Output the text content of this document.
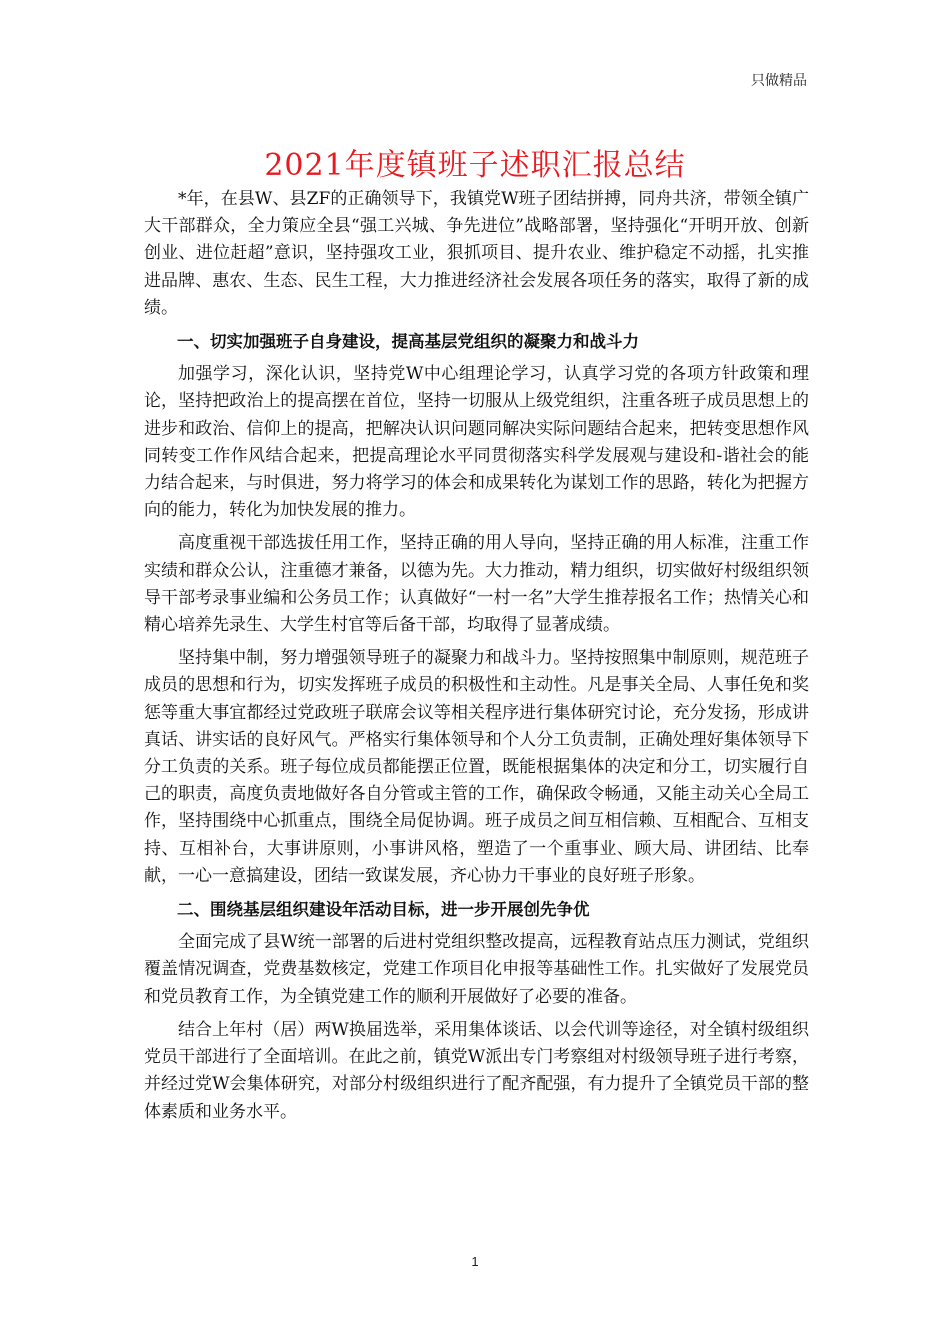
只做精品
2021年度镇班子述职汇报总结

*年，在县W、县ZF的正确领导下，我镇党W班子团结拼搏，同舟共济，带领全镇广大干部群众，全力策应全县“强工兴城、争先进位”战略部署，坚持强化“开明开放、创新创业、进位赶超”意识，坚持强攻工业，狠抓项目、提升农业、维护稳定不动摇，扎实推进品牌、惠农、生态、民生工程，大力推进经济社会发展各项任务的落实，取得了新的成绩。

一、切实加强班子自身建设，提高基层党组织的凝聚力和战斗力

加强学习，深化认识，坚持党W中心组理论学习，认真学习党的各项方针政策和理论，坚持把政治上的提高摆在首位，坚持一切服从上级党组织，注重各班子成员思想上的进步和政治、信仰上的提高，把解决认识问题同解决实际问题结合起来，把转变思想作风同转变工作作风结合起来，把提高理论水平同贯彻落实科学发展观与建设和-谐社会的能力结合起来，与时俱进，努力将学习的体会和成果转化为谋划工作的思路，转化为把握方向的能力，转化为加快发展的推力。

高度重视干部选拔任用工作，坚持正确的用人导向，坚持正确的用人标准，注重工作实绩和群众公认，注重德才兼备，以德为先。大力推动，精力组织，切实做好村级组织领导干部考录事业编和公务员工作；认真做好“一村一名”大学生推荐报名工作；热情关心和精心培养先录生、大学生村官等后备干部，均取得了显著成绩。

坚持集中制，努力增强领导班子的凝聚力和战斗力。坚持按照集中制原则，规范班子成员的思想和行为，切实发挥班子成员的积极性和主动性。凡是事关全局、人事任免和奖惩等重大事宜都经过党政班子联席会议等相关程序进行集体研究讨论，充分发扬，形成讲真话、讲实话的良好风气。严格实行集体领导和个人分工负责制，正确处理好集体领导下分工负责的关系。班子每位成员都能摆正位置，既能根据集体的决定和分工，切实履行自己的职责，高度负责地做好各自分管或主管的工作，确保政令畅通，又能主动关心全局工作，坚持围绕中心抓重点，围绕全局促协调。班子成员之间互相信赖、互相配合、互相支持、互相补台，大事讲原则，小事讲风格，塑造了一个重事业、顾大局、讲团结、比奉献，一心一意搞建设，团结一致谋发展，齐心协力干事业的良好班子形象。

二、围绕基层组织建设年活动目标，进一步开展创先争优

全面完成了县W统一部署的后进村党组织整改提高，远程教育站点压力测试，党组织覆盖情况调查，党费基数核定，党建工作项目化申报等基础性工作。扎实做好了发展党员和党员教育工作，为全镇党建工作的顺利开展做好了必要的准备。

结合上年村（居）两W换届选举，采用集体谈话、以会代训等途径，对全镇村级组织党员干部进行了全面培训。在此之前，镇党W派出专门考察组对村级领导班子进行考察，并经过党W会集体研究，对部分村级组织进行了配齐配强，有力提升了全镇党员干部的整体素质和业务水平。

1
